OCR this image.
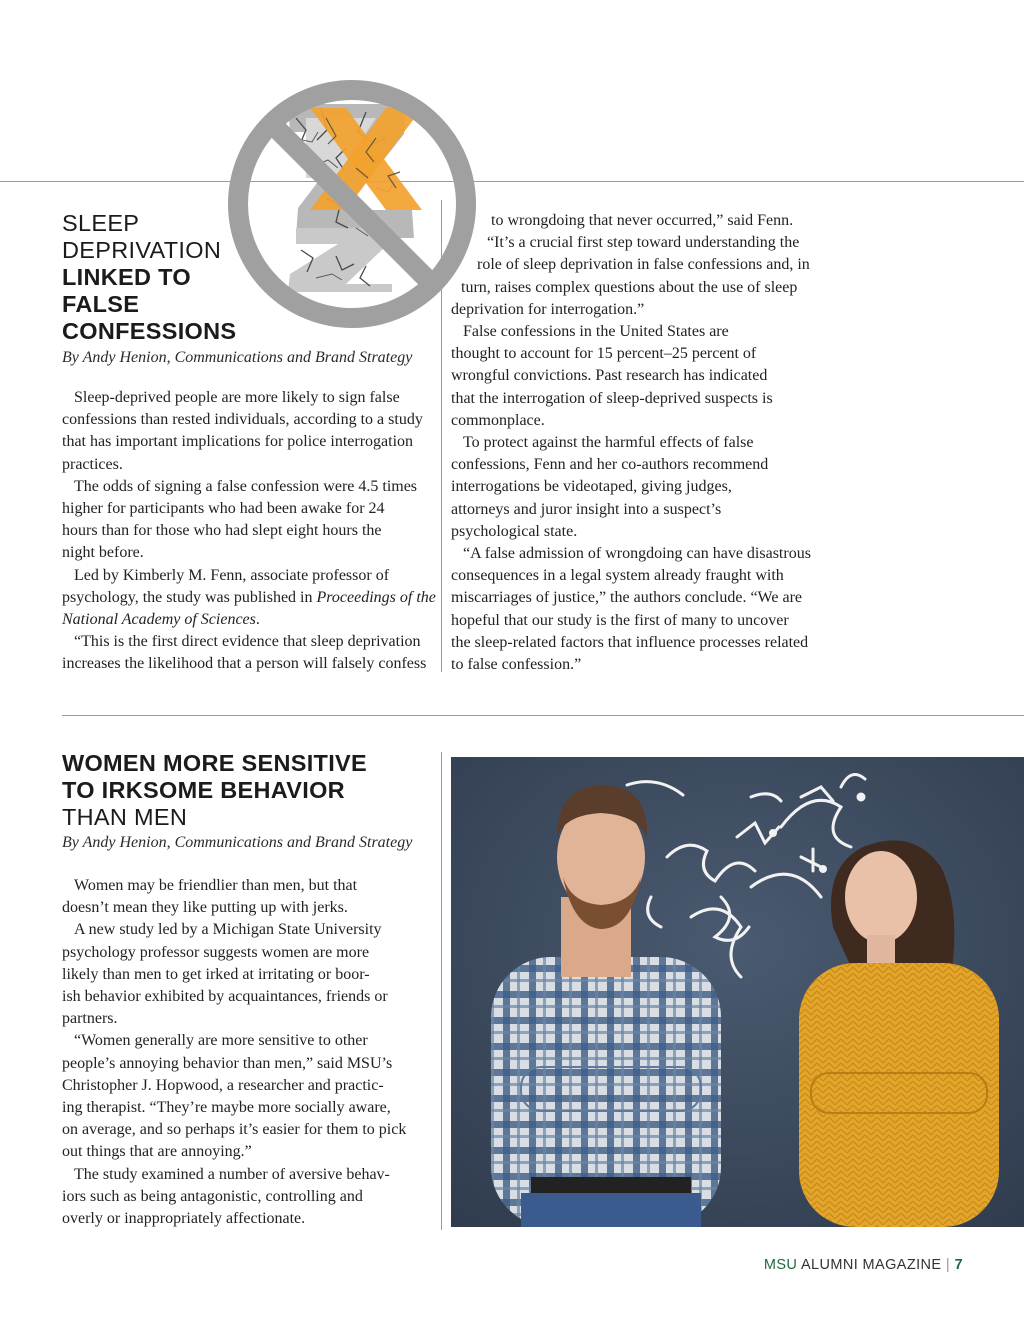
SLEEP
DEPRIVATION
LINKED TO
FALSE
CONFESSIONS

By Andy Henion, Communications and Brand Strategy

Sleep-deprived people are more likely to sign false

confessions than rested individuals, according to a study

that has important implications for police interrogation

practices.

The odds of signing a false confession were 4.5 times

higher for participants who had been awake for 24

hours than for those who had slept eight hours the

night before.

Led by Kimberly M. Fenn, associate professor of

psychology, the study was published in Proceedings of the

National Academy of Sciences.

“This is the first direct evidence that sleep deprivation

increases the likelihood that a person will falsely confess

to wrongdoing that never occurred,” said Fenn.

“It’s a crucial first step toward understanding the

role of sleep deprivation in false confessions and, in

turn, raises complex questions about the use of sleep

deprivation for interrogation.”

False confessions in the United States are

thought to account for 15 percent–25 percent of

wrongful convictions. Past research has indicated

that the interrogation of sleep-deprived suspects is

commonplace.

To protect against the harmful effects of false

confessions, Fenn and her co-authors recommend

interrogations be videotaped, giving judges,

attorneys and juror insight into a suspect’s

psychological state.

“A false admission of wrongdoing can have disastrous

consequences in a legal system already fraught with

miscarriages of justice,” the authors conclude. “We are

hopeful that our study is the first of many to uncover

the sleep-related factors that influence processes related

to false confession.”

WOMEN MORE SENSITIVE
TO IRKSOME BEHAVIOR
THAN MEN

By Andy Henion, Communications and Brand Strategy

Women may be friendlier than men, but that

doesn’t mean they like putting up with jerks.

A new study led by a Michigan State University

psychology professor suggests women are more

likely than men to get irked at irritating or boor-

ish behavior exhibited by acquaintances, friends or

partners.

“Women generally are more sensitive to other

people’s annoying behavior than men,” said MSU’s

Christopher J. Hopwood, a researcher and practic-

ing therapist. “They’re maybe more socially aware,

on average, and so perhaps it’s easier for them to pick

out things that are annoying.”

The study examined a number of aversive behav-

iors such as being antagonistic, controlling and

overly or inappropriately affectionate.

MSU ALUMNI MAGAZINE | 7
